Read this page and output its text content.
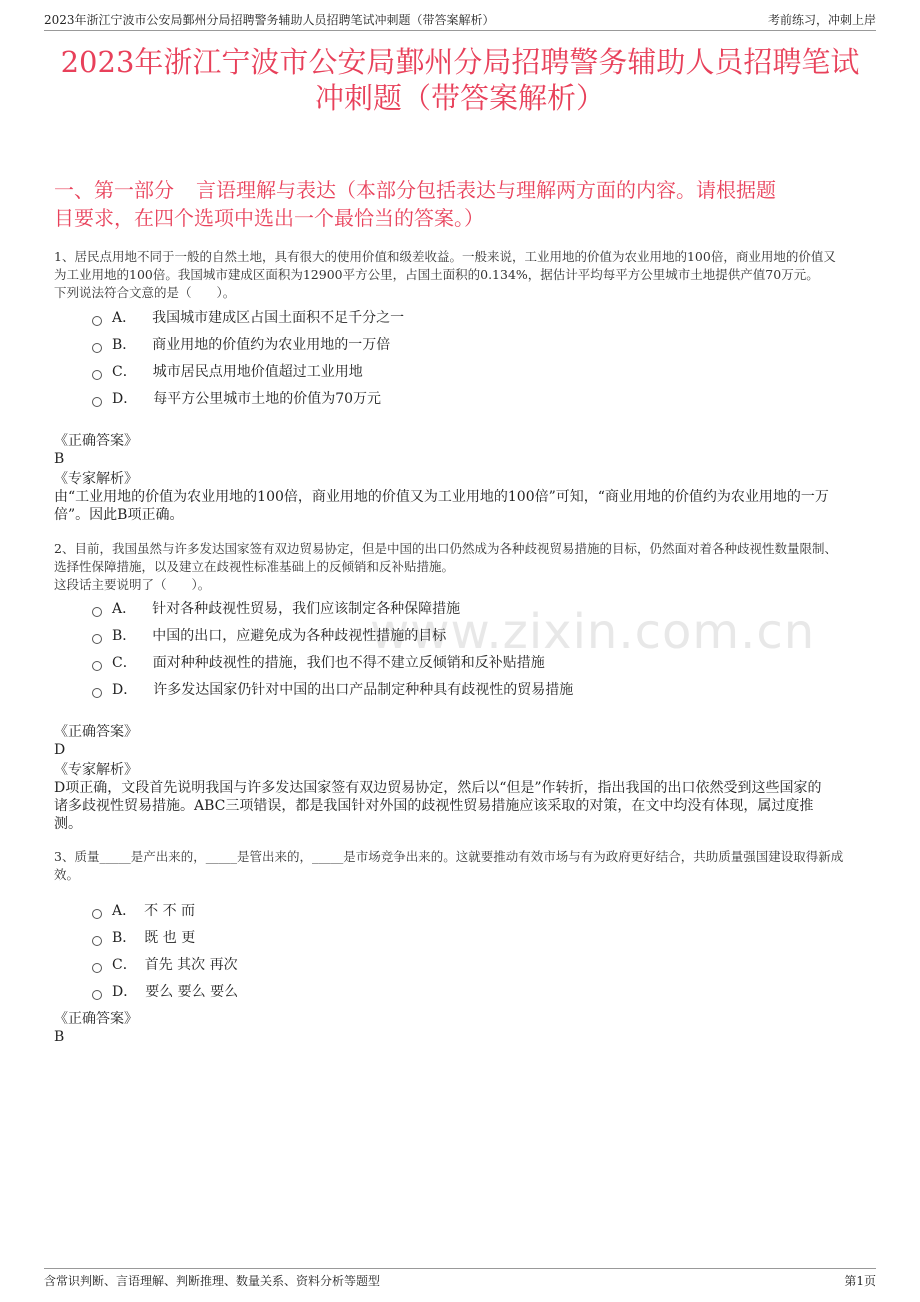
2023年浙江宁波市公安局鄞州分局招聘警务辅助人员招聘笔试冲刺题（带答案解析）	考前练习，冲刺上岸
2023年浙江宁波市公安局鄞州分局招聘警务辅助人员招聘笔试
冲刺题（带答案解析）
一、第一部分 言语理解与表达（本部分包括表达与理解两方面的内容。请根据题
目要求，在四个选项中选出一个最恰当的答案。）
www.zixin.com.cn
1、居民点用地不同于一般的自然土地，具有很大的使用价值和级差收益。一般来说，工业用地的价值为农业用地的100倍，商业用地的价值又
为工业用地的100倍。我国城市建成区面积为12900平方公里，占国土面积的0.134%，据估计平均每平方公里城市土地提供产值70万元。
下列说法符合文意的是（　　）。
A． 我国城市建成区占国土面积不足千分之一
B． 商业用地的价值约为农业用地的一万倍
C． 城市居民点用地价值超过工业用地
D． 每平方公里城市土地的价值为70万元
《正确答案》
B
《专家解析》
由“工业用地的价值为农业用地的100倍，商业用地的价值又为工业用地的100倍”可知，“商业用地的价值约为农业用地的一万
倍”。因此B项正确。
2、目前，我国虽然与许多发达国家签有双边贸易协定，但是中国的出口仍然成为各种歧视贸易措施的目标，仍然面对着各种歧视性数量限制、
选择性保障措施，以及建立在歧视性标准基础上的反倾销和反补贴措施。
这段话主要说明了（　　）。
A． 针对各种歧视性贸易，我们应该制定各种保障措施
B． 中国的出口，应避免成为各种歧视性措施的目标
C． 面对种种歧视性的措施，我们也不得不建立反倾销和反补贴措施
D． 许多发达国家仍针对中国的出口产品制定种种具有歧视性的贸易措施
《正确答案》
D
《专家解析》
D项正确，文段首先说明我国与许多发达国家签有双边贸易协定，然后以“但是”作转折，指出我国的出口依然受到这些国家的
诸多歧视性贸易措施。ABC三项错误，都是我国针对外国的歧视性贸易措施应该采取的对策，在文中均没有体现，属过度推
测。
3、质量_____是产出来的，_____是管出来的，_____是市场竞争出来的。这就要推动有效市场与有为政府更好结合，共助质量强国建设取得新成
效。
A． 不 不 而
B． 既 也 更
C． 首先 其次 再次
D． 要么 要么 要么
《正确答案》
B
含常识判断、言语理解、判断推理、数量关系、资料分析等题型	第1页
